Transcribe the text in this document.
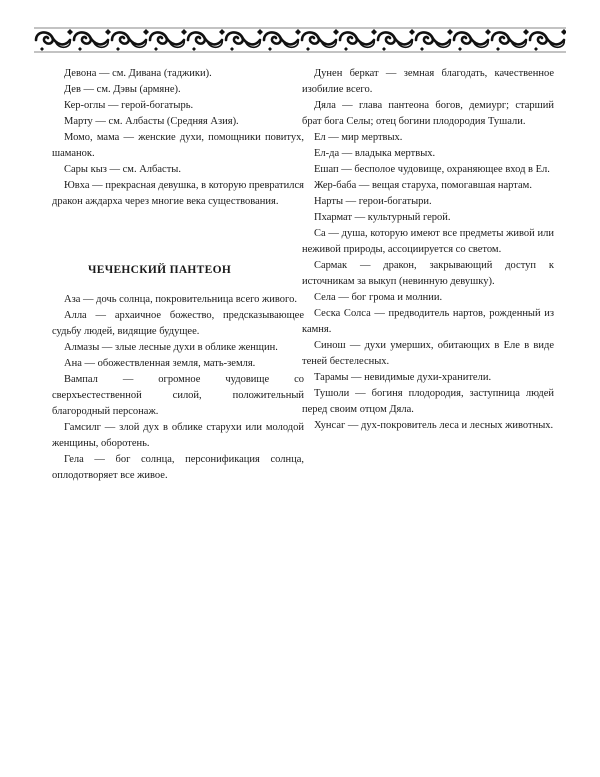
Девона — см. Дивана (таджики).

Дев — см. Дэвы (армяне).

Кер-оглы — герой-богатырь.

Марту — см. Албасты (Средняя Азия).

Момо, мама — женские духи, помощники повитух, шаманок.

Сары кыз — см. Албасты.

Ювха — прекрасная девушка, в которую превратился дракон аждарха через многие века существования.

ЧЕЧЕНСКИЙ ПАНТЕОН

Аза — дочь солнца, покровительница всего живого.

Алла — архаичное божество, предсказывающее судьбу людей, видящие будущее.

Алмазы — злые лесные духи в облике женщин.

Ана — обожествленная земля, мать-земля.

Вампал — огромное чудовище со сверхъестественной силой, положительный благородный персонаж.

Гамсилг — злой дух в облике старухи или молодой женщины, оборотень.

Гела — бог солнца, персонификация солнца, оплодотворяет все живое.

Дунен беркат — земная благодать, качественное изобилие всего.

Дяла — глава пантеона богов, демиург; старший брат бога Селы; отец богини плодородия Тушали.

Ел — мир мертвых.

Ел-да — владыка мертвых.

Ешап — бесполое чудовище, охраняющее вход в Ел.

Жер-баба — вещая старуха, помогавшая нартам.

Нарты — герои-богатыри.

Пхармат — культурный герой.

Са — душа, которую имеют все предметы живой или неживой природы, ассоциируется со светом.

Сармак — дракон, закрывающий доступ к источникам за выкуп (невинную девушку).

Села — бог грома и молнии.

Сеска Солса — предводитель нартов, рожденный из камня.

Синош — духи умерших, обитающих в Еле в виде теней бестелесных.

Тарамы — невидимые духи-хранители.

Тушоли — богиня плодородия, заступница людей перед своим отцом Дяла.

Хунсаг — дух-покровитель леса и лесных животных.
